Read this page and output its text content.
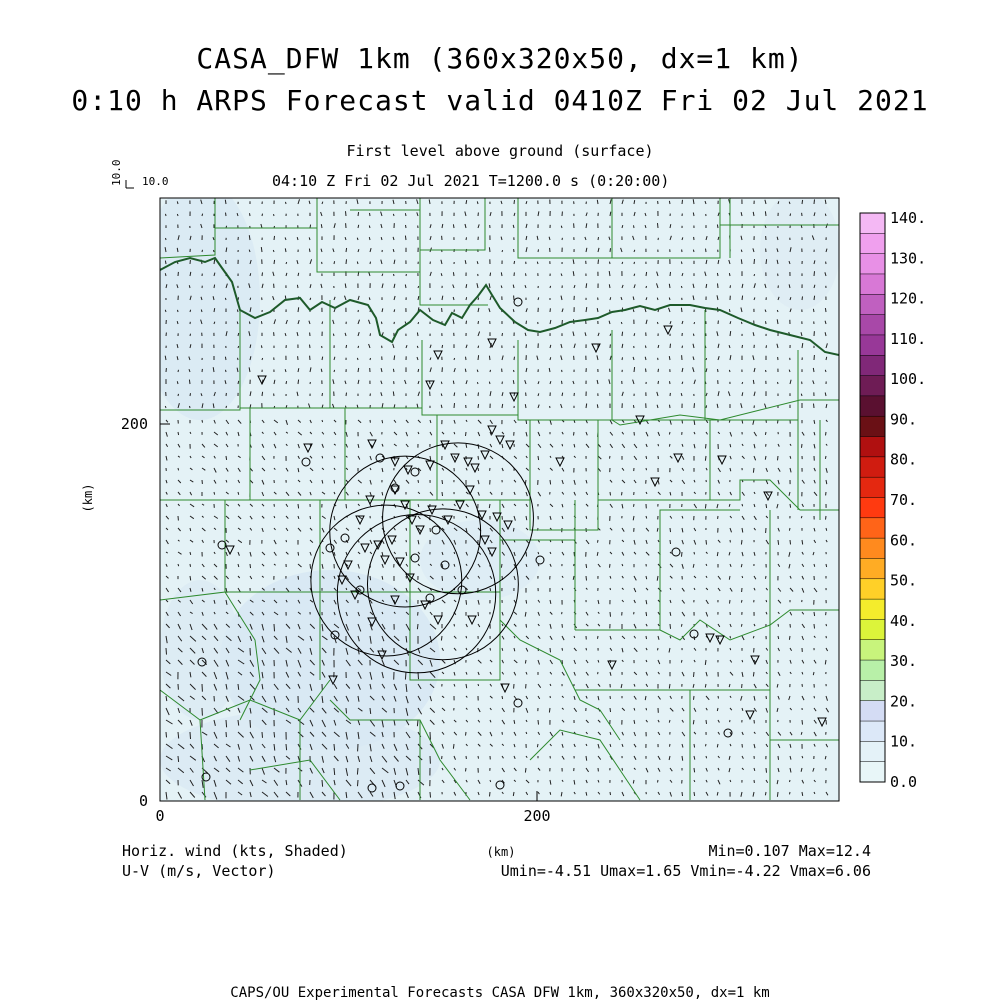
CASA_DFW 1km (360x320x50, dx=1 km)
0:10 h ARPS Forecast valid 0410Z Fri 02 Jul 2021
First level above ground (surface)
04:10 Z Fri 02 Jul 2021 T=1200.0 s (0:20:00)
200
0
0	200
(km)
(km)
10.0 10.0
140.
130.
120.
110.
100.
90.
80.
70.
60.
50.
40.
30.
20.
10.
0.0
Horiz. wind (kts, Shaded)
U-V (m/s, Vector)
Min=0.107 Max=12.4
Umin=-4.51 Umax=1.65 Vmin=-4.22 Vmax=6.06
CAPS/OU Experimental Forecasts CASA DFW 1km, 360x320x50, dx=1 km
